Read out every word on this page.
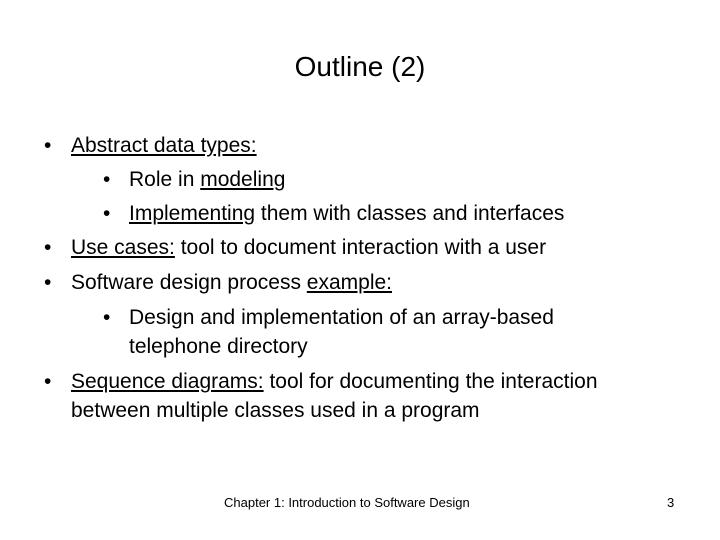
Outline (2)
• Abstract data types:
• Role in modeling
• Implementing them with classes and interfaces
• Use cases: tool to document interaction with a user
• Software design process example:
• Design and implementation of an array-based
telephone directory
• Sequence diagrams: tool for documenting the interaction
between multiple classes used in a program
Chapter 1: Introduction to Software Design	3
